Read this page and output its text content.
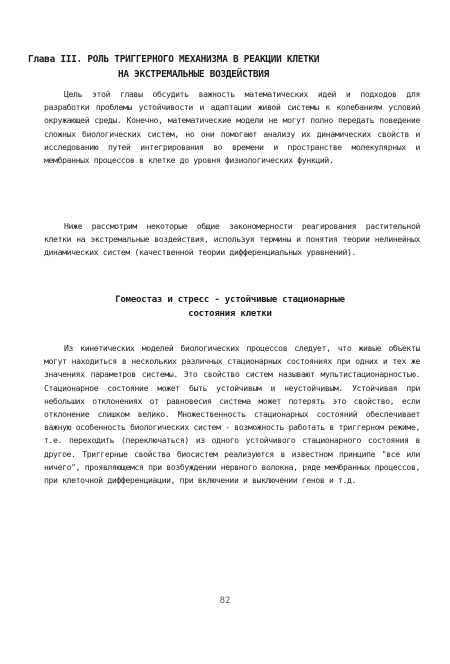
Глава III. РОЛЬ ТРИГГЕРНОГО МЕХАНИЗМА В РЕАКЦИИ КЛЕТКИ
НА ЭКСТРЕМАЛЬНЫЕ ВОЗДЕЙСТВИЯ

Цель этой главы обсудить важность математических идей и подходов для разработки проблемы устойчивости и адаптации живой системы к колебаниям условий окружающей среды. Конечно, математические модели не могут полно передать поведение сложных биологических систем, но они помогают анализу их динамических свойств и исследованию путей интегрирования во времени и пространстве молекулярных и мембранных процессов в клетке до уровня физиологических функций.

Ниже рассмотрим некоторые общие закономерности реагирования растительной клетки на экстремальные воздействия, используя термины и понятия теории нелинейных динамических систем (качественной теории дифференциальных уравнений).

Гомеостаз и стресс - устойчивые стационарные
состояния клетки

Из кинетических моделей биологических процессов следует, что живые объекты могут находиться в нескольких различных стационарных состояниях при одних и тех же значениях параметров системы. Это свойство систем называют мультистационарностью. Стационарное состояние может быть устойчивым и неустойчивым. Устойчивая при небольших отклонениях от равновесия система может потерять это свойство, если отклонение слишком велико. Множественность стационарных состояний обеспечивает важную особенность биологических систем - возможность работать в триггерном режиме, т.е. переходить (переключаться) из одного устойчивого стационарного состояния в другое. Триггерные свойства биосистем реализуются в известном принципе "все или ничего", проявляющемся при возбуждении нервного волокна, ряде мембранных процессов, при клеточной дифференциации, при включении и выключении генов и т.д.

82
